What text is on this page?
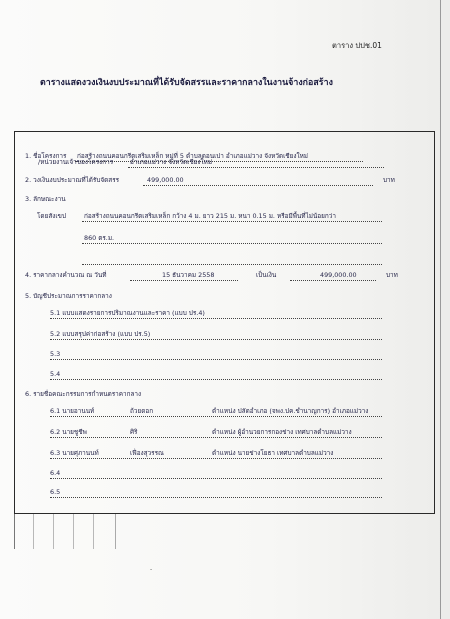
ตาราง ปปช.01
ตารางแสดงวงเงินงบประมาณที่ได้รับจัดสรรและราคากลางในงานจ้างก่อสร้าง
1. ชื่อโครงการ ก่อสร้างถนนคอนกรีตเสริมเหล็ก หมู่ที่ 5 ตำบลดอนเปา อำเภอแม่วาง จังหวัดเชียงใหม่
/หน่วยงานเจ้าของโครงการ	อำเภอแม่วาง จังหวัดเชียงใหม่
2. วงเงินงบประมาณที่ได้รับจัดสรร	499,000.00	บาท
3. ลักษณะงาน
โดยสังเขป	ก่อสร้างถนนคอนกรีตเสริมเหล็ก กว้าง 4 ม. ยาว 215 ม. หนา 0.15 ม. หรือมีพื้นที่ไม่น้อยกว่า
860 ตร.ม.
4. ราคากลางคำนวณ ณ วันที่	15 ธันวาคม 2558	เป็นเงิน	499,000.00	บาท
5. บัญชีประมาณการราคากลาง
5.1 แบบแสดงรายการปริมาณงานและราคา (แบบ ปร.4)
5.2 แบบสรุปค่าก่อสร้าง (แบบ ปร.5)
5.3
5.4
6. รายชื่อคณะกรรมการกำหนดราคากลาง
6.1 นายอานนท์	ถ้วยดอก	ตำแหน่ง ปลัดอำเภอ (จพง.ปค.ชำนาญการ) อำเภอแม่วาง
6.2 นายชูชีพ	ศิริ	ตำแหน่ง ผู้อำนวยการกองช่าง เทศบาลตำบลแม่วาง
6.3 นายศุภานนท์	เฟื่องสุวรรณ	ตำแหน่ง นายช่างโยธา เทศบาลตำบลแม่วาง
6.4
6.5
-
